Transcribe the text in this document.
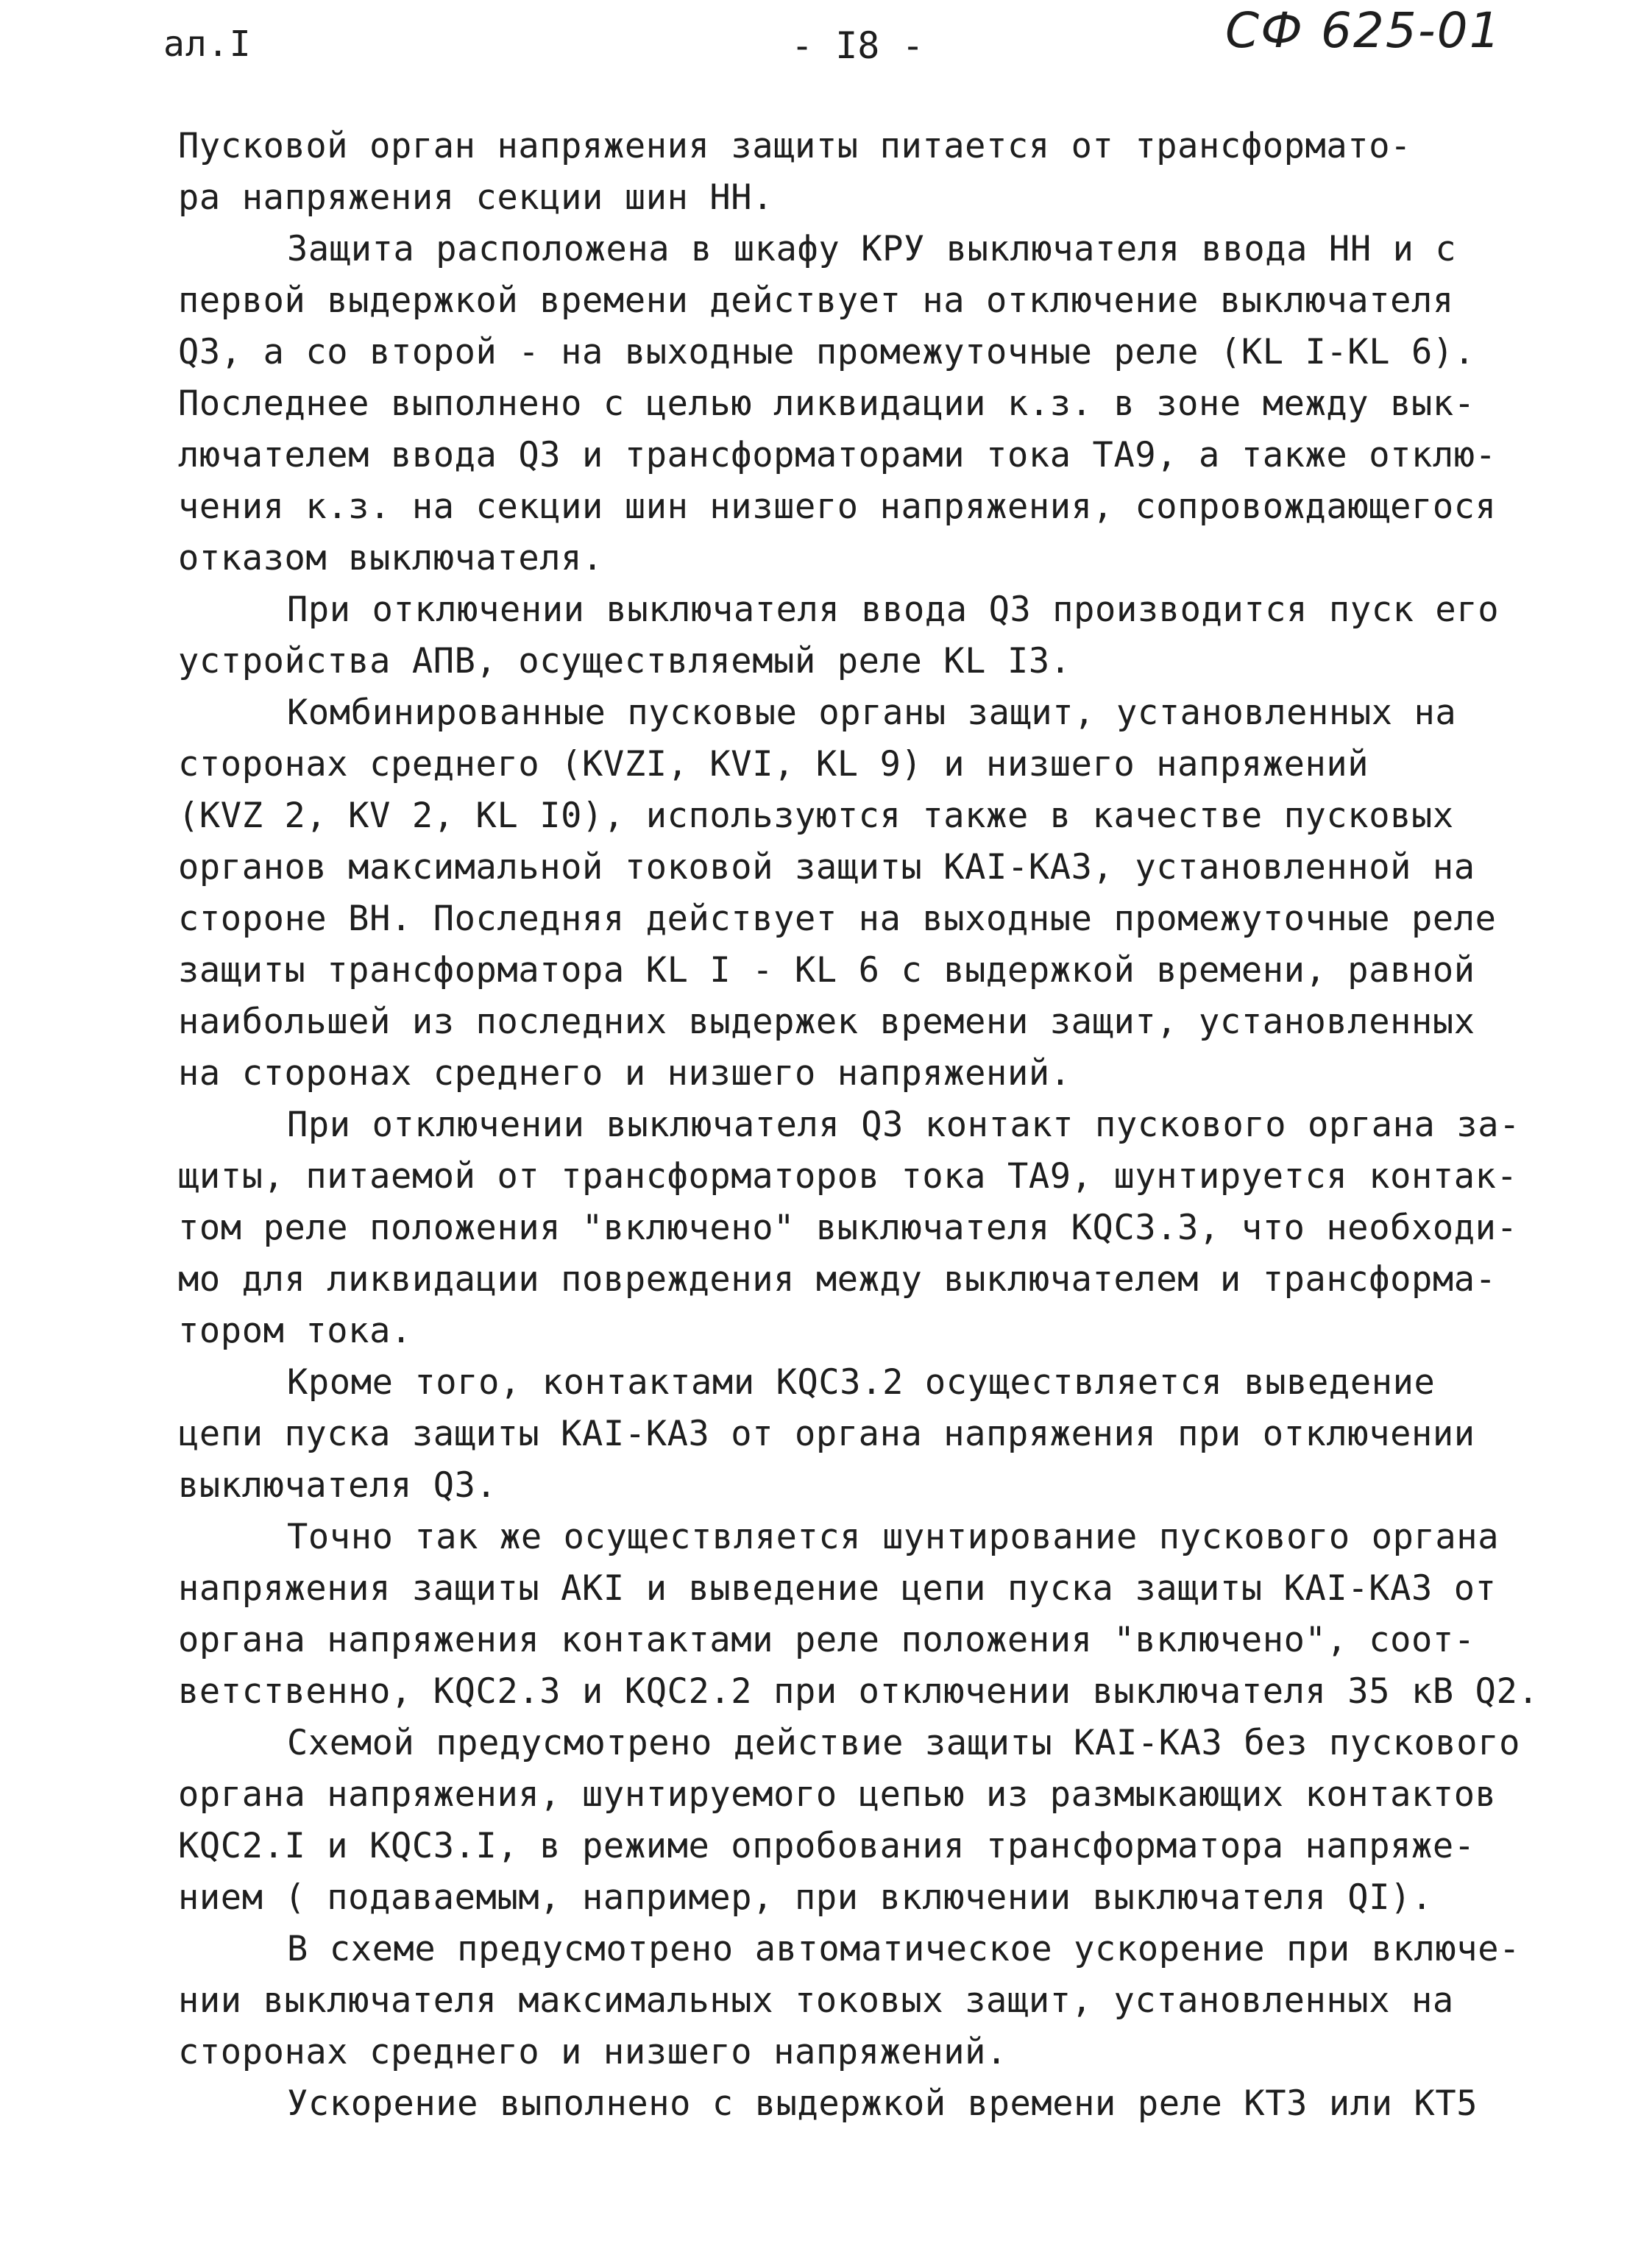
ал.I	- I8 -	СФ 625-01
Пусковой орган напряжения защиты питается от трансформато-
ра напряжения секции шин НН.
Защита расположена в шкафу КРУ выключателя ввода НН и с
первой выдержкой времени действует на отключение выключателя
Q3, а со второй - на выходные промежуточные реле (KL I-KL 6).
Последнее выполнено с целью ликвидации к.з. в зоне между вык-
лючателем ввода Q3 и трансформаторами тока ТА9, а также отклю-
чения к.з. на секции шин низшего напряжения, сопровождающегося
отказом выключателя.
При отключении выключателя ввода Q3 производится пуск его
устройства АПВ, осуществляемый реле KL I3.
Комбинированные пусковые органы защит, установленных на
сторонах среднего (KVZI, KVI, KL 9) и низшего напряжений
(KVZ 2, KV 2, KL I0), используются также в качестве пусковых
органов максимальной токовой защиты КАI-КА3, установленной на
стороне ВН. Последняя действует на выходные промежуточные реле
защиты трансформатора KL I - KL 6 с выдержкой времени, равной
наибольшей из последних выдержек времени защит, установленных
на сторонах среднего и низшего напряжений.
При отключении выключателя Q3 контакт пускового органа за-
щиты, питаемой от трансформаторов тока ТА9, шунтируется контак-
том реле положения "включено" выключателя KQC3.3, что необходи-
мо для ликвидации повреждения между выключателем и трансформа-
тором тока.
Кроме того, контактами KQC3.2 осуществляется выведение
цепи пуска защиты КАI-КА3 от органа напряжения при отключении
выключателя Q3.
Точно так же осуществляется шунтирование пускового органа
напряжения защиты АКI и выведение цепи пуска защиты КАI-КА3 от
органа напряжения контактами реле положения "включено", соот-
ветственно, KQC2.3 и KQC2.2 при отключении выключателя 35 кВ Q2.
Схемой предусмотрено действие защиты КАI-КА3 без пускового
органа напряжения, шунтируемого цепью из размыкающих контактов
KQC2.I и KQC3.I, в режиме опробования трансформатора напряже-
нием ( подаваемым, например, при включении выключателя QI).
В схеме предусмотрено автоматическое ускорение при включе-
нии выключателя максимальных токовых защит, установленных на
сторонах среднего и низшего напряжений.
Ускорение выполнено с выдержкой времени реле КТ3 или КТ5
